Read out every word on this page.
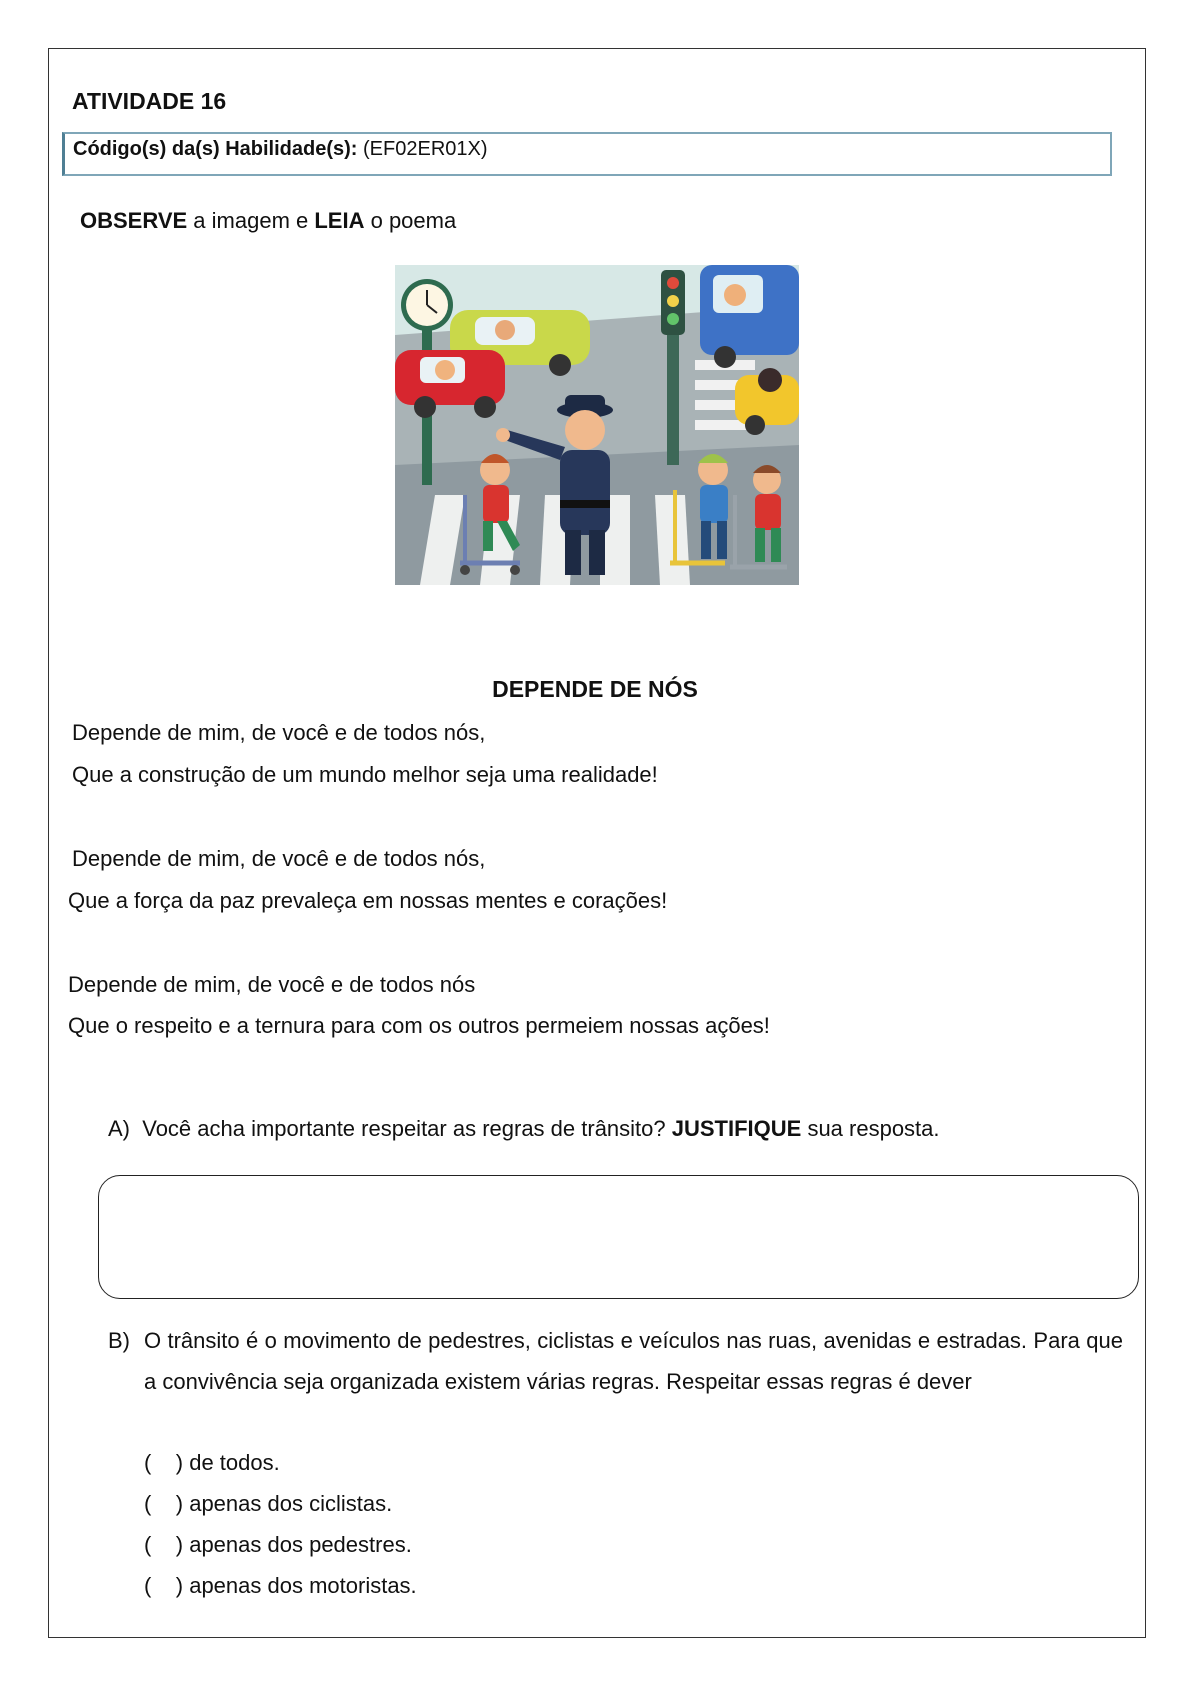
ATIVIDADE 16
Código(s) da(s) Habilidade(s): (EF02ER01X)
OBSERVE a imagem e LEIA o poema
DEPENDE DE NÓS
Depende de mim, de você e de todos nós,
Que a construção de um mundo melhor seja uma realidade!
Depende de mim, de você e de todos nós,
Que a força da paz prevaleça em nossas mentes e corações!
Depende de mim, de você e de todos nós
Que o respeito e a ternura para com os outros permeiem nossas ações!
A) Você acha importante respeitar as regras de trânsito? JUSTIFIQUE sua resposta.
B) O trânsito é o movimento de pedestres, ciclistas e veículos nas ruas, avenidas e estradas. Para que a convivência seja organizada existem várias regras. Respeitar essas regras é dever
(    ) de todos.
(    ) apenas dos ciclistas.
(    ) apenas dos pedestres.
(    ) apenas dos motoristas.
